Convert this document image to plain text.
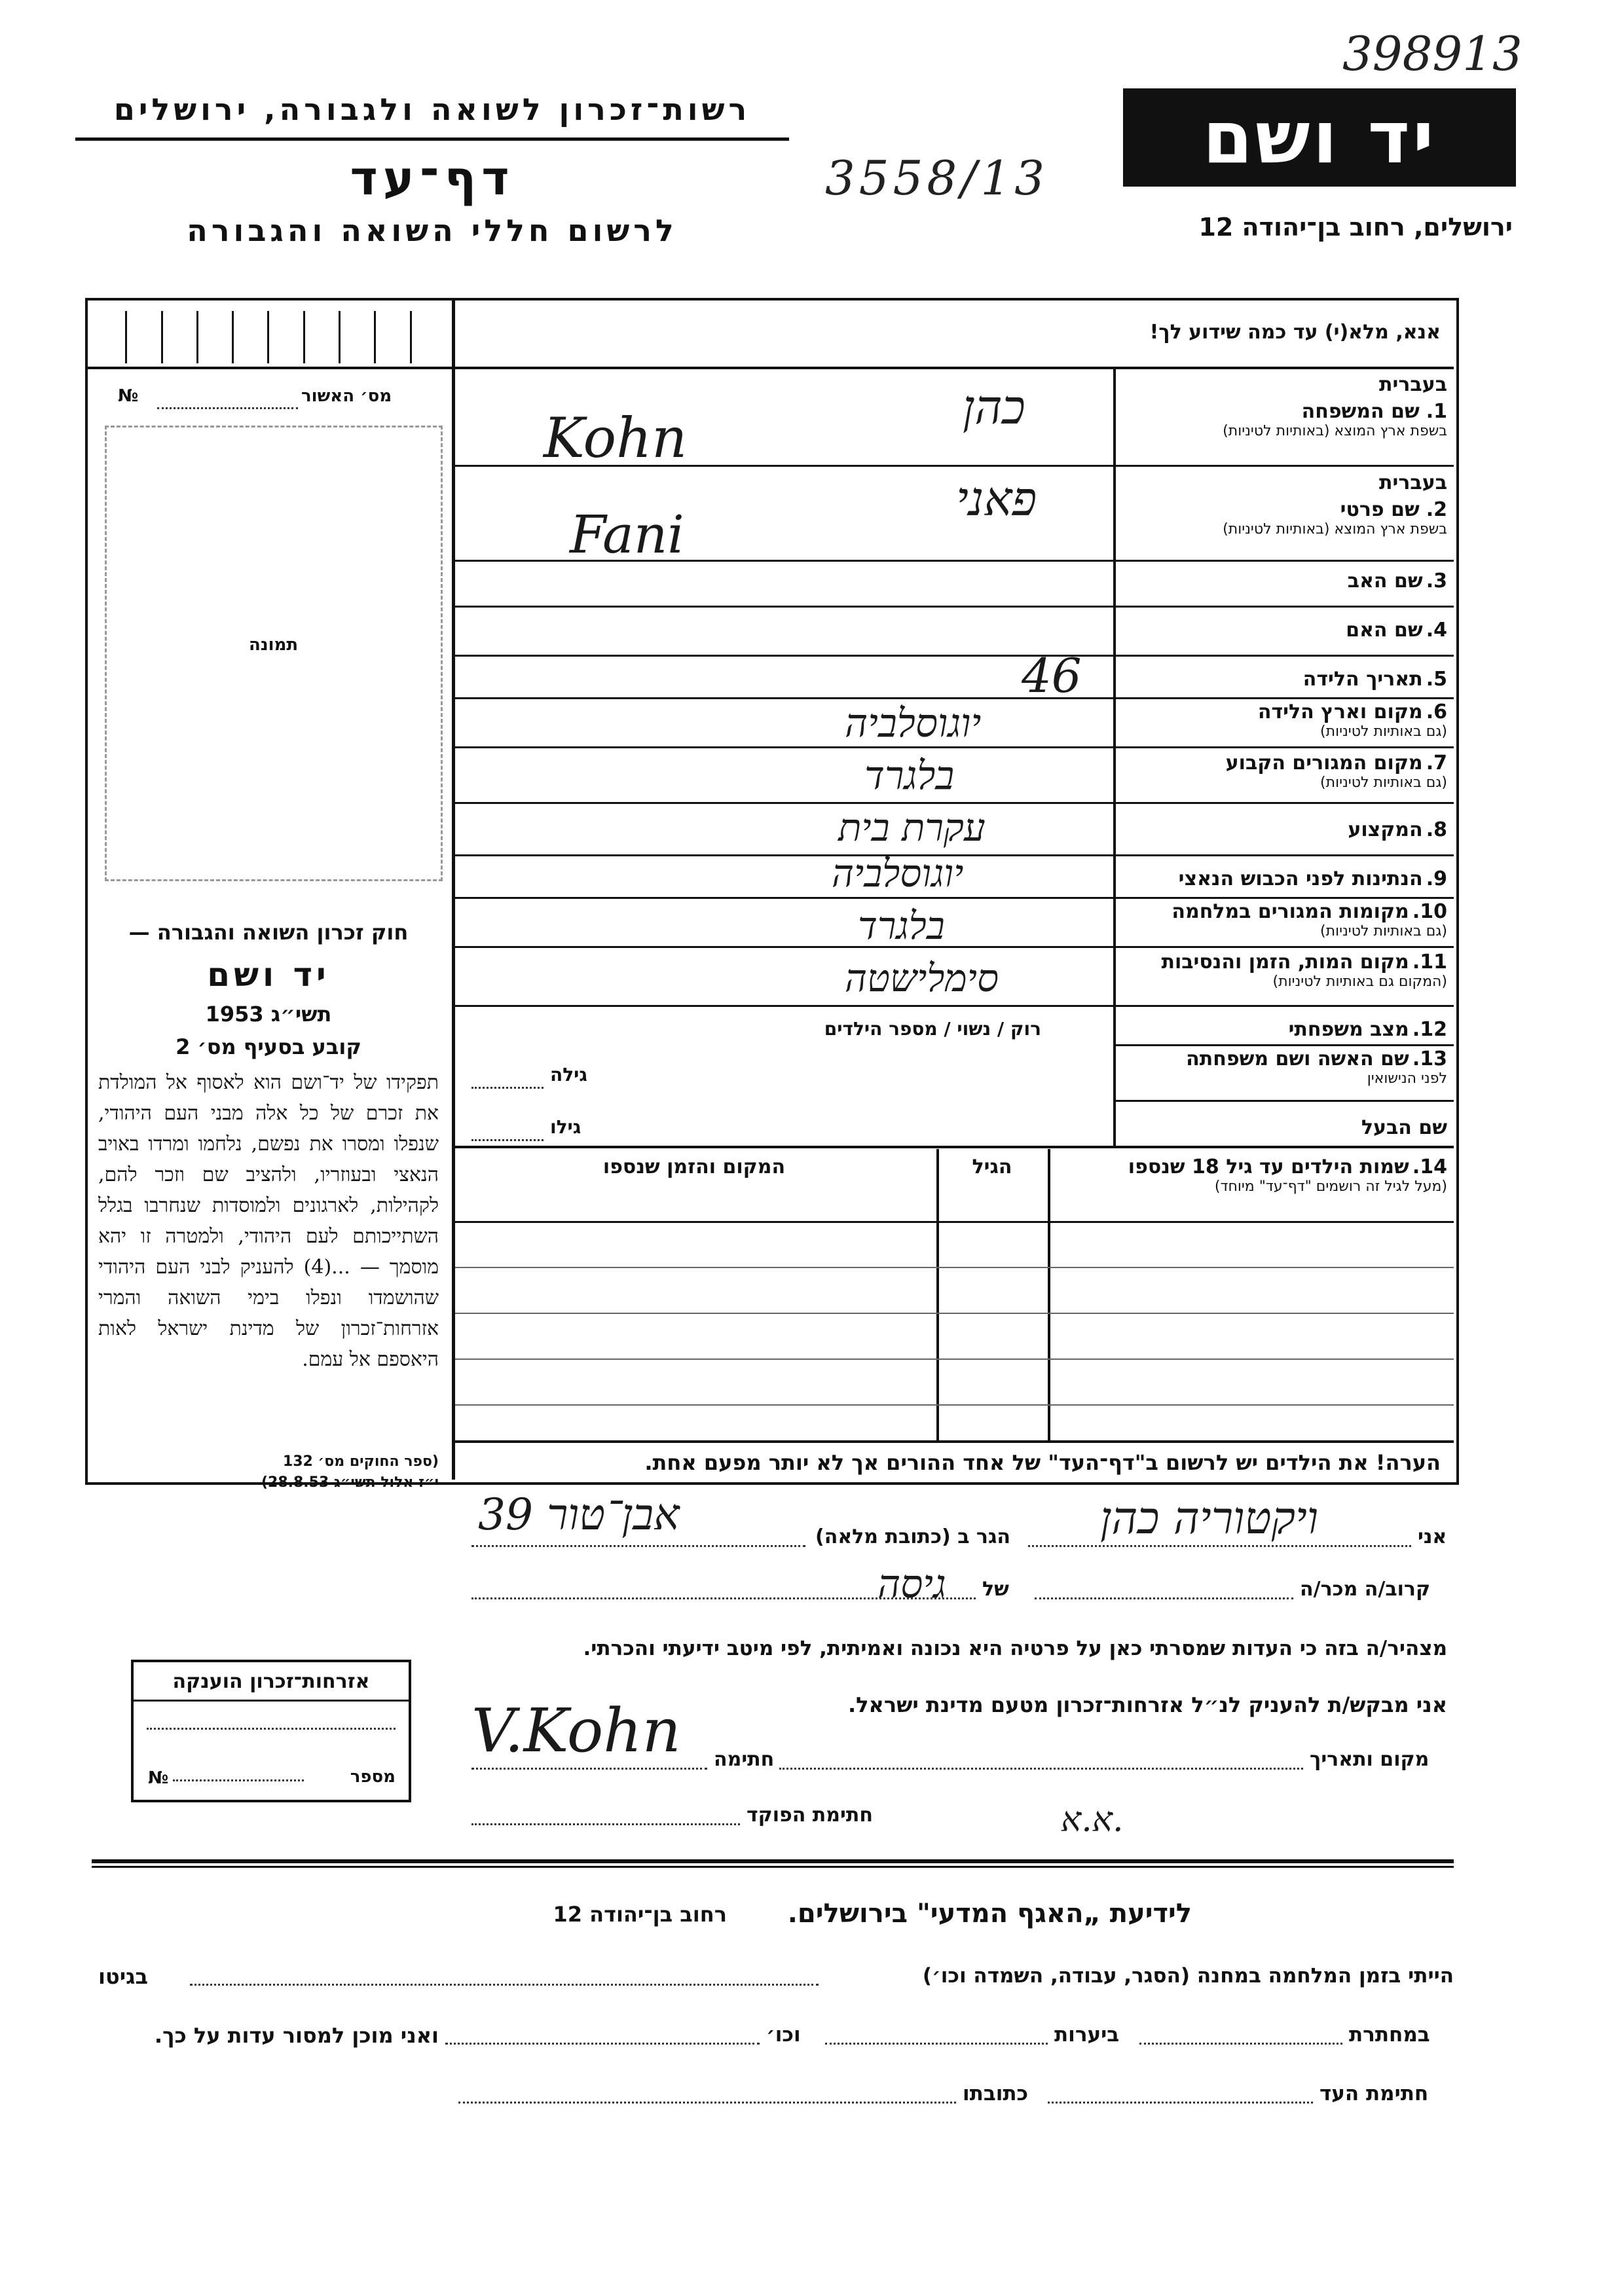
398913
רשות־זכרון לשואה ולגבורה, ירושלים
דף־עד
לרשום חללי השואה והגבורה
3558/13	יד ושם
ירושלים, רחוב בן־יהודה 12
מס׳ האשור
№
תמונה
אנא, מלא(י) עד כמה שידוע לך!
בעברית
1.
שם המשפחה
בשפת ארץ המוצא (באותיות לטיניות)
בעברית
2.
שם פרטי
בשפת ארץ המוצא (באותיות לטיניות)
3. שם האב
4. שם האם
5. תאריך הלידה
6. מקום וארץ הלידה
(גם באותיות לטיניות)
7. מקום המגורים הקבוע
(גם באותיות לטיניות)
8. המקצוע
9. הנתינות לפני הכבוש הנאצי
10. מקומות המגורים במלחמה
(גם באותיות לטיניות)
11. מקום המות, הזמן והנסיבות
(המקום גם באותיות לטיניות)
12. מצב משפחתי
13. שם האשה ושם משפחתה
לפני הנישואין
שם הבעל
כהן
Kohn
פאני
Fani
46
יוגוסלביה
בלגרד
עקרת בית
יוגוסלביה
בלגרד
סימלישטה
רוק / נשוי / מספר הילדים
גילה
גילו
14. שמות הילדים עד גיל 18 שנספו
(מעל לגיל זה רושמים "דף־עד" מיוחד)
הגיל
המקום והזמן שנספו
הערה! את הילדים יש לרשום ב"דף־העד" של אחד ההורים אך לא יותר מפעם אחת.
חוק זכרון השואה והגבורה —
יד ושם
תשי״ג 1953
קובע בסעיף מס׳ 2
תפקידו של יד־ושם הוא לאסוף אל המולדת את זכרם של כל אלה מבני העם היהודי, שנפלו ומסרו את נפשם, נלחמו ומרדו באויב הנאצי ובעוזריו, ולהציב שם וזכר להם, לקהילות, לארגונים ולמוסדות שנחרבו בגלל השתייכותם לעם היהודי, ולמטרה זו יהא מוסמך — ...(4) להעניק לבני העם היהודי שהושמדו ונפלו בימי השואה והמרי אזרחות־זכרון של מדינת ישראל לאות היאספם אל עמם.
(ספר החוקים מס׳ 132
י״ז אלול תשי״ג 28.8.53)
אני
ויקטוריה כהן
הגר ב (כתובת מלאה)
אבן־טור 39
קרוב/ה מכר/ה
של
גיסה
מצהיר/ה בזה כי העדות שמסרתי כאן על פרטיה היא נכונה ואמיתית, לפי מיטב ידיעתי והכרתי.
אני מבקש/ת להעניק לנ״ל אזרחות־זכרון מטעם מדינת ישראל.
מקום ותאריך
חתימה
V.Kohn
חתימת הפוקד	א.א.
אזרחות־זכרון הוענקה
מספר
№
לידיעת „האגף המדעי" בירושלים.
רחוב בן־יהודה 12
הייתי בזמן המלחמה במחנה (הסגר, עבודה, השמדה וכו׳)
בגיטו
במחתרת
ביערות
וכו׳
ואני מוכן למסור עדות על כך.
חתימת העד
כתובתו
